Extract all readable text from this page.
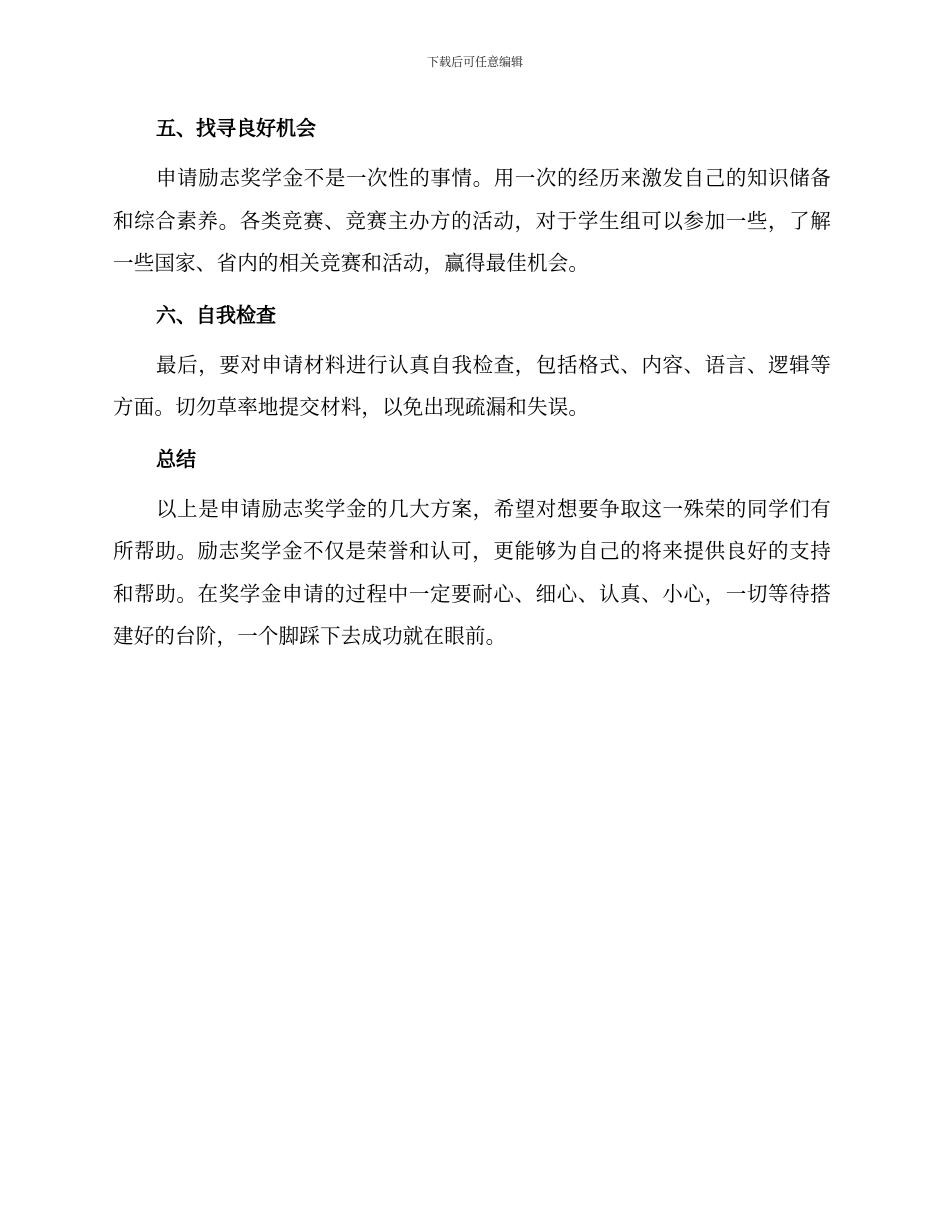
下载后可任意编辑
五、找寻良好机会

申请励志奖学金不是一次性的事情。用一次的经历来激发自己的知识储备和综合素养。各类竞赛、竞赛主办方的活动，对于学生组可以参加一些，了解一些国家、省内的相关竞赛和活动，赢得最佳机会。

六、自我检查

最后，要对申请材料进行认真自我检查，包括格式、内容、语言、逻辑等方面。切勿草率地提交材料，以免出现疏漏和失误。

总结

以上是申请励志奖学金的几大方案，希望对想要争取这一殊荣的同学们有所帮助。励志奖学金不仅是荣誉和认可，更能够为自己的将来提供良好的支持和帮助。在奖学金申请的过程中一定要耐心、细心、认真、小心，一切等待搭建好的台阶，一个脚踩下去成功就在眼前。
